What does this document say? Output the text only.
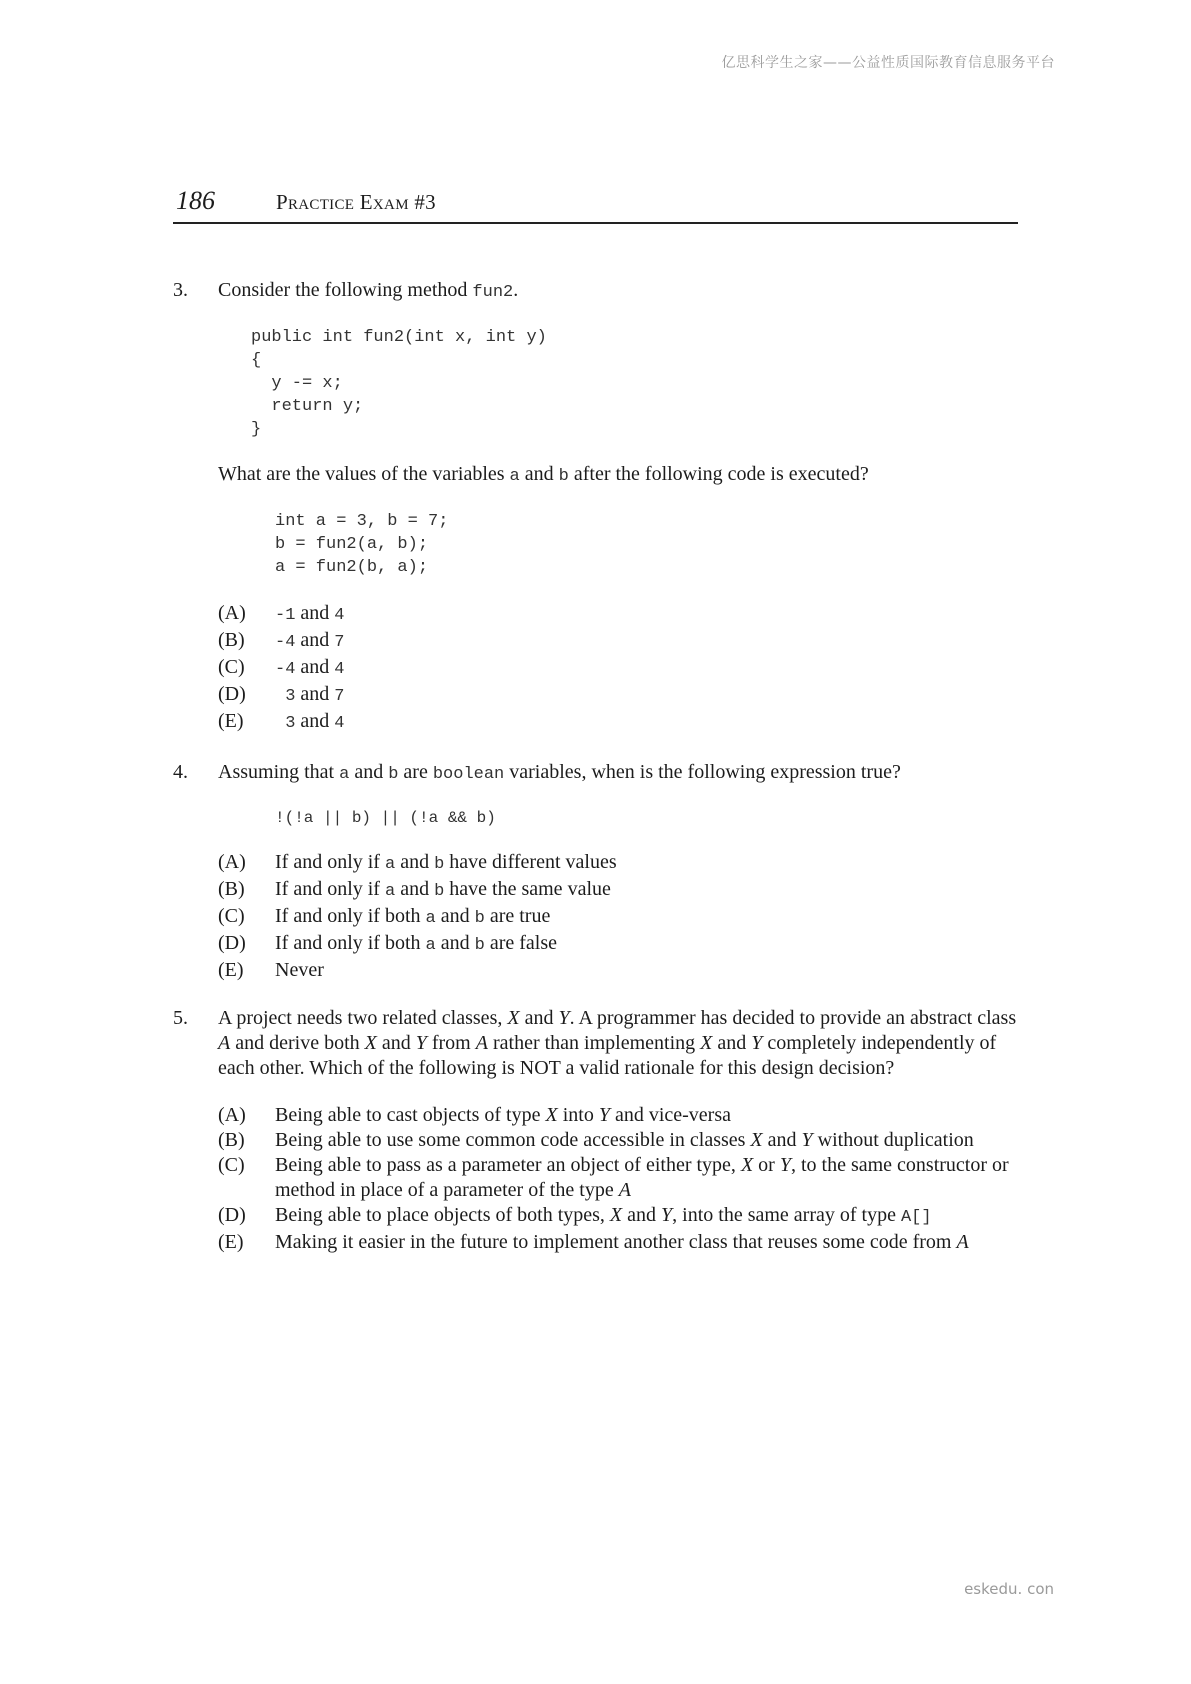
亿思科学生之家——公益性质国际教育信息服务平台
186	Practice Exam #3
3. Consider the following method fun2.
public int fun2(int x, int y)
{
y -= x;
return y;
}
What are the values of the variables a and b after the following code is executed?
int a = 3, b = 7;
b = fun2(a, b);
a = fun2(b, a);
(A) -1 and 4
(B) -4 and 7
(C) -4 and 4
(D) 3 and 7
(E) 3 and 4
4. Assuming that a and b are boolean variables, when is the following expression true?
!(!a || b) || (!a && b)
(A) If and only if a and b have different values
(B) If and only if a and b have the same value
(C) If and only if both a and b are true
(D) If and only if both a and b are false
(E) Never
5. A project needs two related classes, X and Y. A programmer has decided to provide an abstract class A and derive both X and Y from A rather than implementing X and Y completely independently of each other. Which of the following is NOT a valid rationale for this design decision?
(A) Being able to cast objects of type X into Y and vice-versa
(B) Being able to use some common code accessible in classes X and Y without duplication
(C) Being able to pass as a parameter an object of either type, X or Y, to the same constructor or method in place of a parameter of the type A
(D) Being able to place objects of both types, X and Y, into the same array of type A[]
(E) Making it easier in the future to implement another class that reuses some code from A
eskedu. con
